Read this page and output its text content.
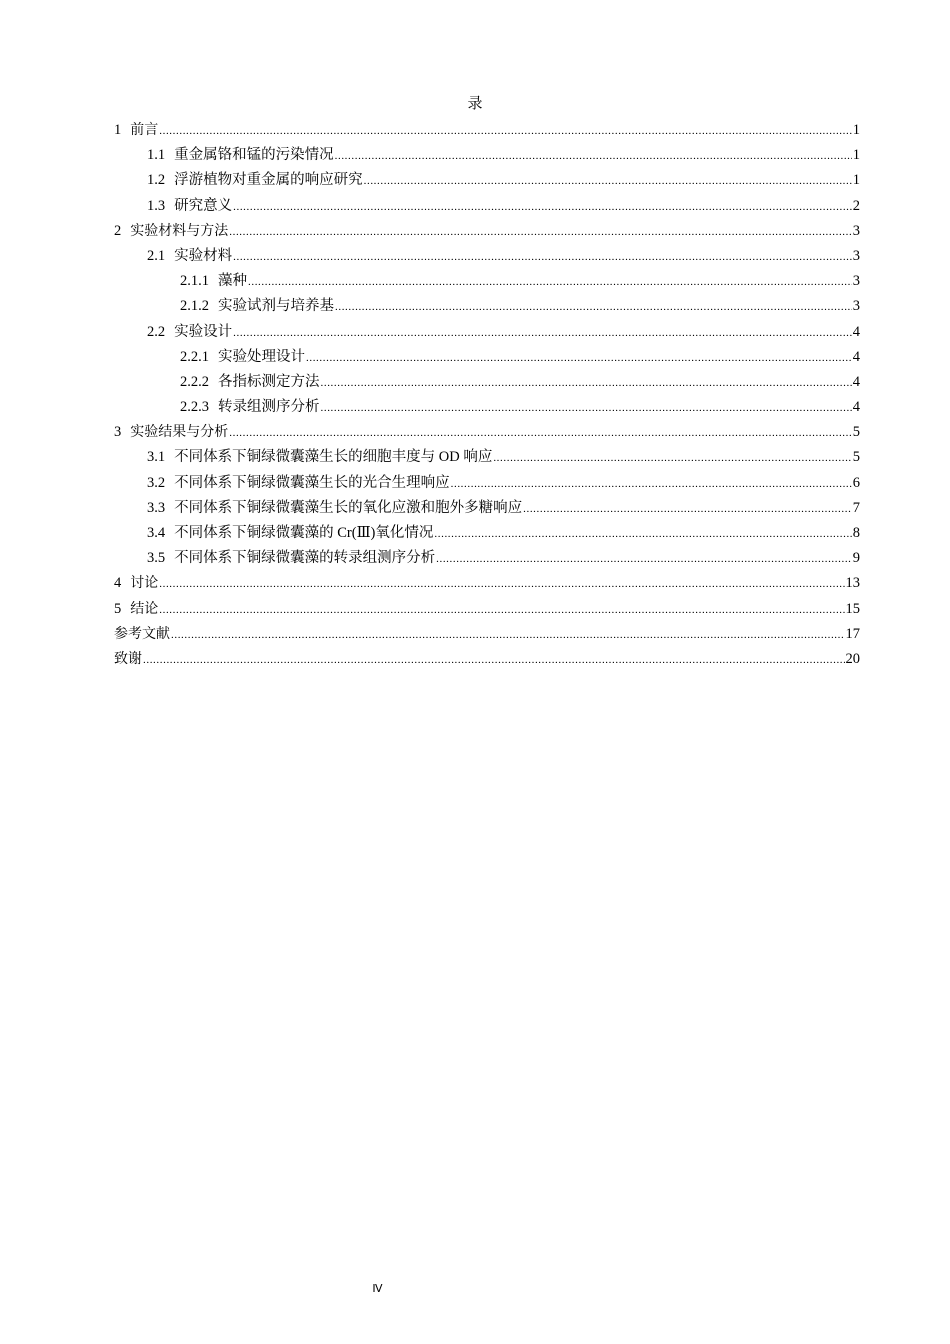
录
1 前言 .....	1
1.1 重金属铬和锰的污染情况 .....	1
1.2 浮游植物对重金属的响应研究 .....	1
1.3 研究意义 .....	2
2 实验材料与方法 .....	3
2.1 实验材料 .....	3
2.1.1 藻种 .....	3
2.1.2 实验试剂与培养基 .....	3
2.2 实验设计 .....	4
2.2.1 实验处理设计 .....	4
2.2.2 各指标测定方法 .....	4
2.2.3 转录组测序分析 .....	4
3 实验结果与分析 .....	5
3.1 不同体系下铜绿微囊藻生长的细胞丰度与 OD 响应 .....	5
3.2 不同体系下铜绿微囊藻生长的光合生理响应 .....	6
3.3 不同体系下铜绿微囊藻生长的氧化应激和胞外多糖响应 .....	7
3.4 不同体系下铜绿微囊藻的 Cr(Ⅲ)氧化情况 .....	8
3.5 不同体系下铜绿微囊藻的转录组测序分析 .....	9
4 讨论 .....	13
5 结论 .....	15
参考文献 .....	17
致谢 .....	20
Ⅳ
